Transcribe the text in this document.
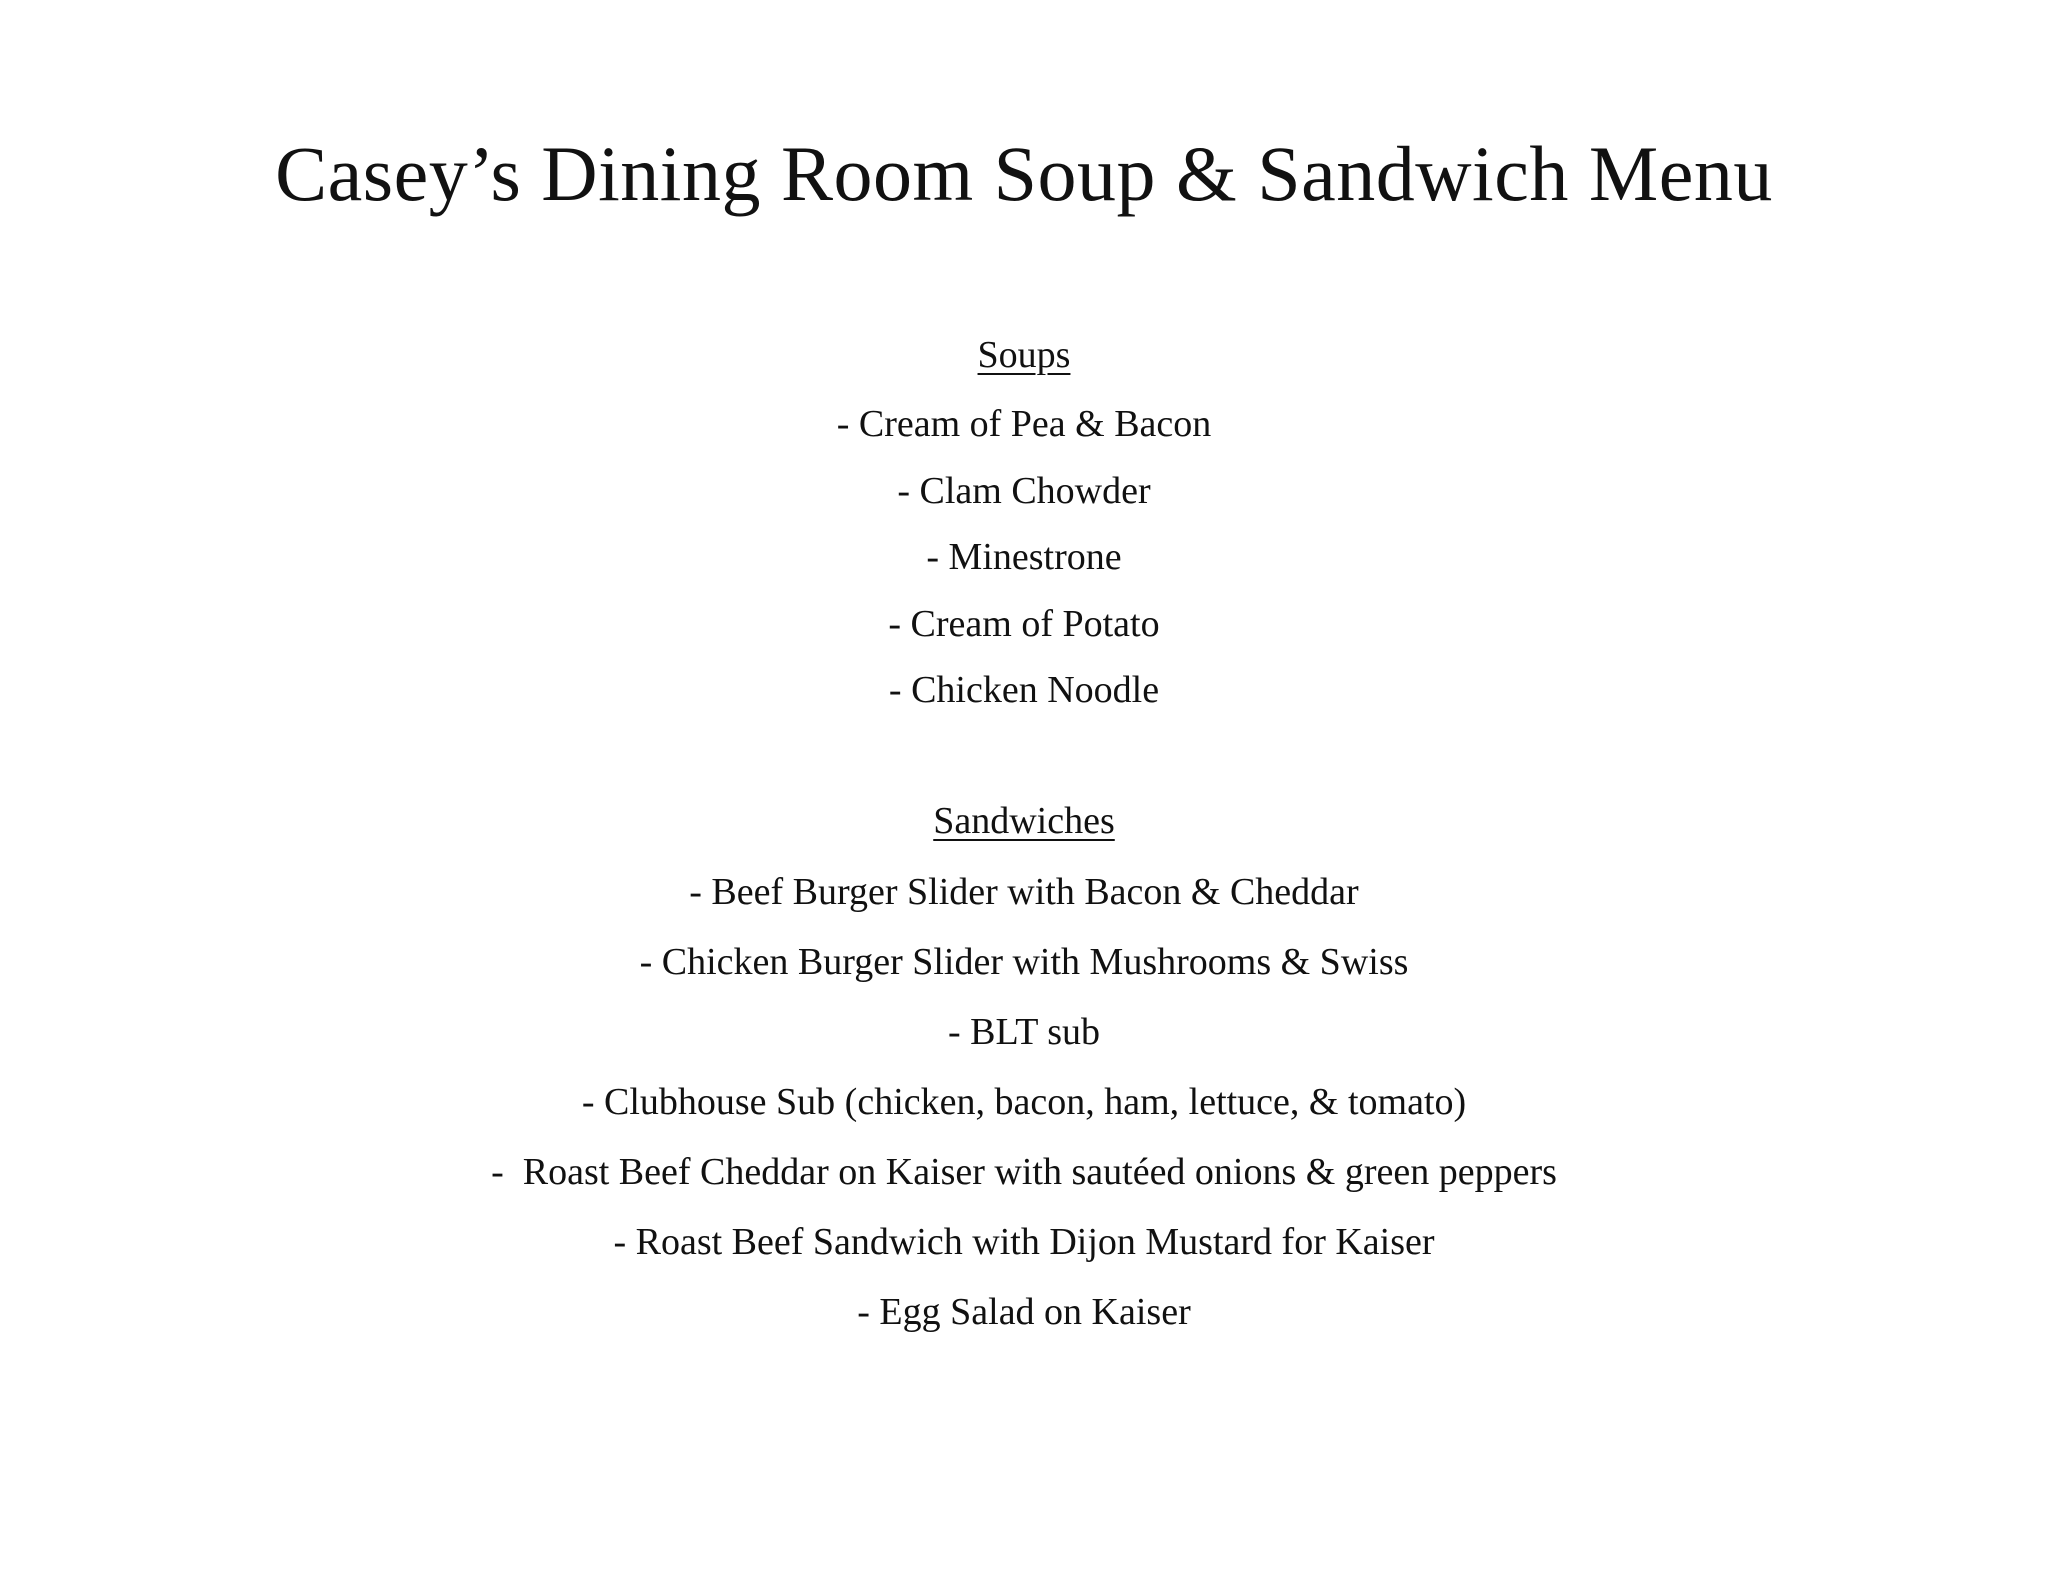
Casey’s Dining Room Soup & Sandwich Menu
Soups
- Cream of Pea & Bacon
- Clam Chowder
- Minestrone
- Cream of Potato
- Chicken Noodle
Sandwiches
- Beef Burger Slider with Bacon & Cheddar
- Chicken Burger Slider with Mushrooms & Swiss
- BLT sub
- Clubhouse Sub (chicken, bacon, ham, lettuce, & tomato)
-  Roast Beef Cheddar on Kaiser with sautéed onions & green peppers
- Roast Beef Sandwich with Dijon Mustard for Kaiser
- Egg Salad on Kaiser
